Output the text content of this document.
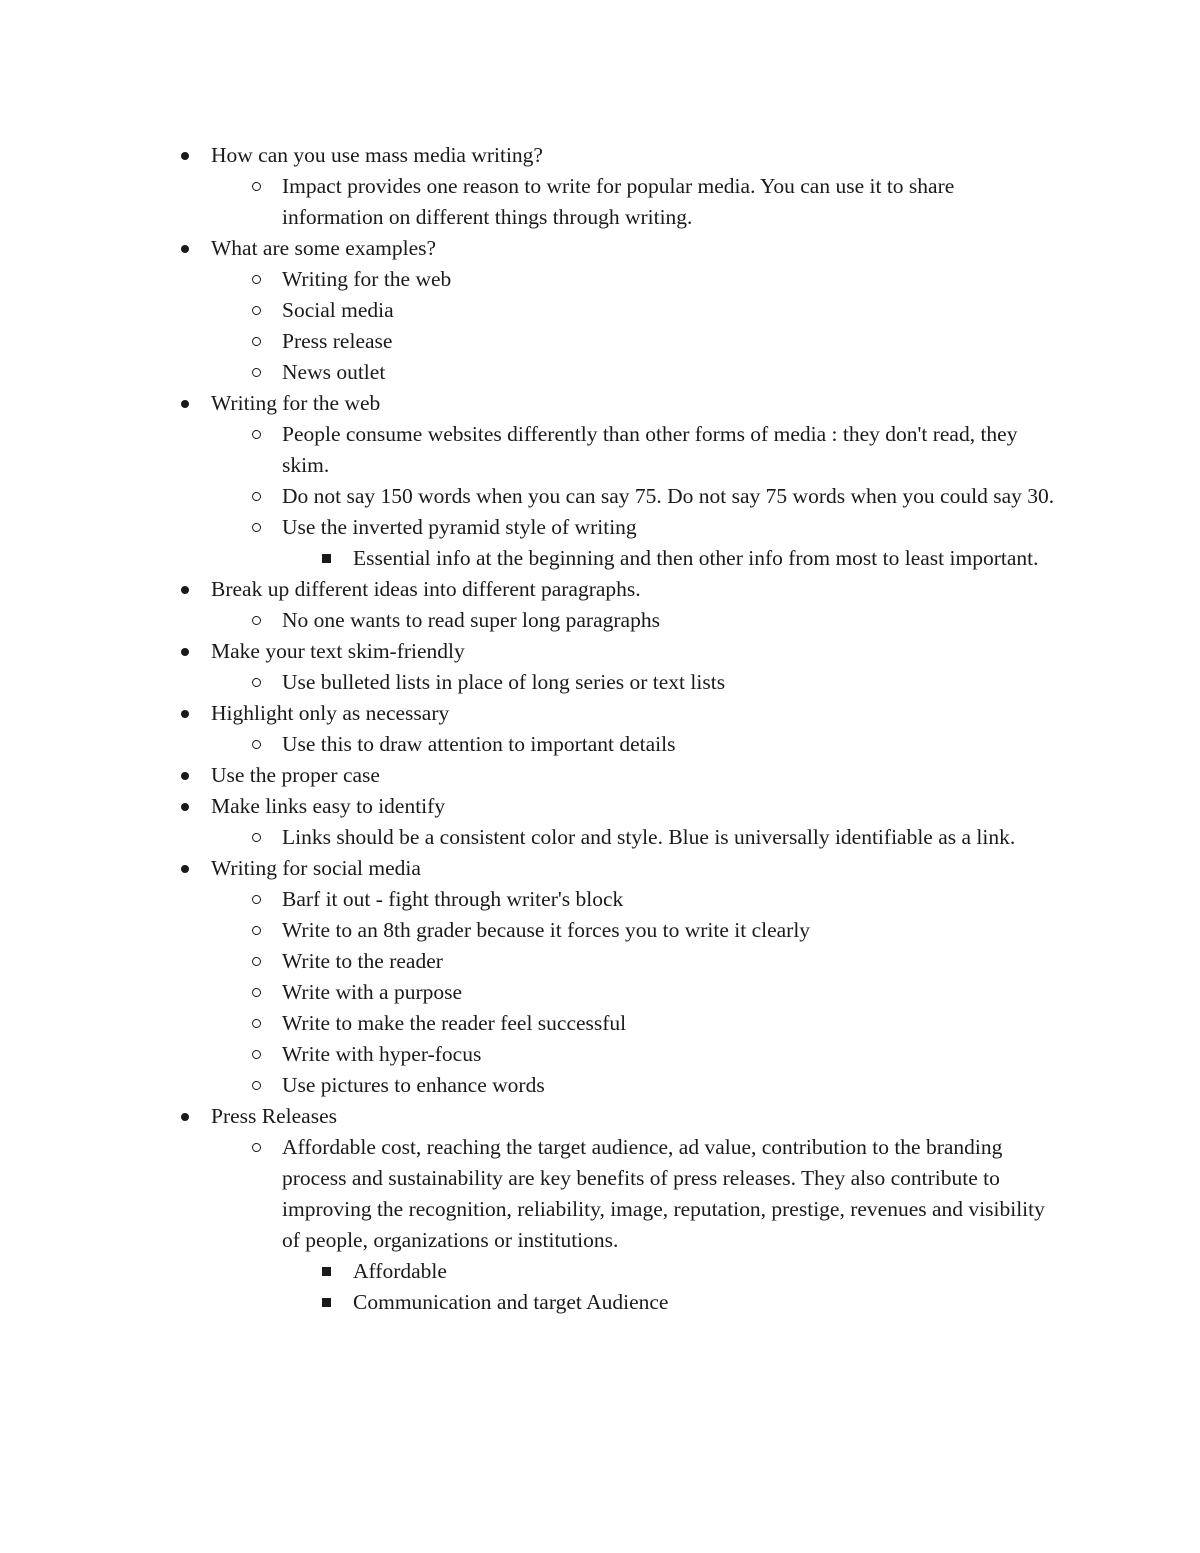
How can you use mass media writing?
Impact provides one reason to write for popular media. You can use it to share information on different things through writing.
What are some examples?
Writing for the web
Social media
Press release
News outlet
Writing for the web
People consume websites differently than other forms of media : they don't read, they skim.
Do not say 150 words when you can say 75. Do not say 75 words when you could say 30.
Use the inverted pyramid style of writing
Essential info at the beginning and then other info from most to least important.
Break up different ideas into different paragraphs.
No one wants to read super long paragraphs
Make your text skim-friendly
Use bulleted lists in place of long series or text lists
Highlight only as necessary
Use this to draw attention to important details
Use the proper case
Make links easy to identify
Links should be a consistent color and style. Blue is universally identifiable as a link.
Writing for social media
Barf it out - fight through writer's block
Write to an 8th grader because it forces you to write it clearly
Write to the reader
Write with a purpose
Write to make the reader feel successful
Write with hyper-focus
Use pictures to enhance words
Press Releases
Affordable cost, reaching the target audience, ad value, contribution to the branding process and sustainability are key benefits of press releases. They also contribute to improving the recognition, reliability, image, reputation, prestige, revenues and visibility of people, organizations or institutions.
Affordable
Communication and target Audience
